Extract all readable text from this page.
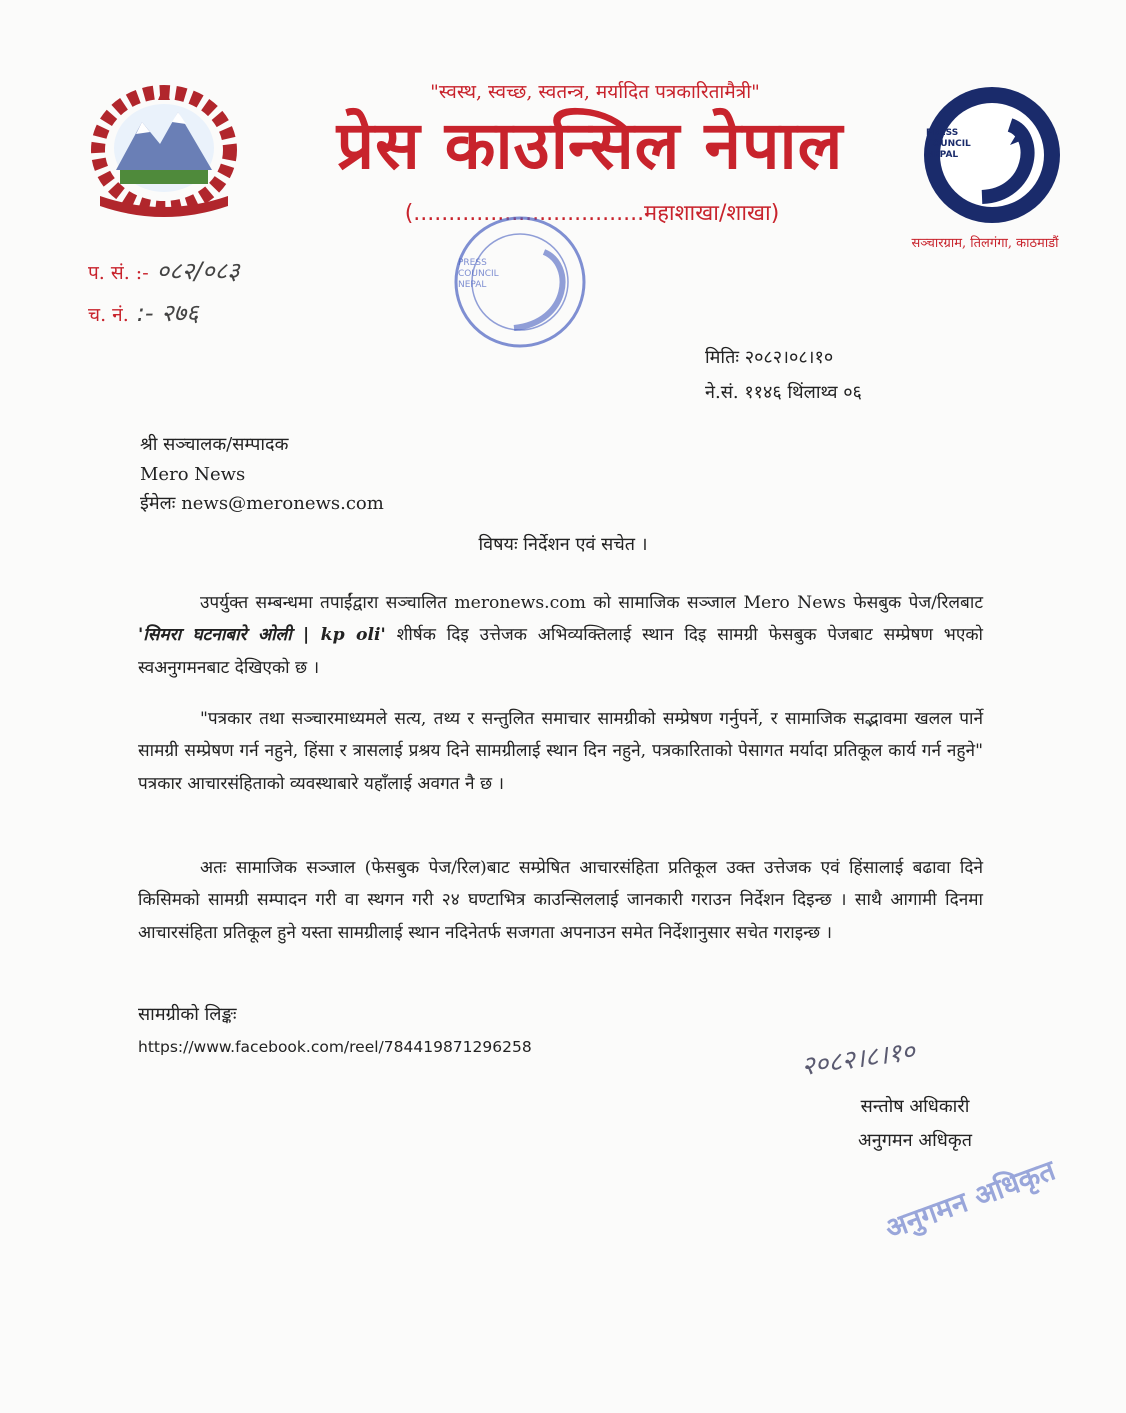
"स्वस्थ, स्वच्छ, स्वतन्त्र, मर्यादित पत्रकारितामैत्री"
प्रेस काउन्सिल नेपाल
(.................................महाशाखा/शाखा)
PRESS COUNCIL NEPAL
सञ्चारग्राम, तिलगंगा, काठमाडौं
प. सं. :- ०८२/०८३
च. नं. :- २७६
PRESS COUNCIL NEPAL
मितिः २०८२।०८।१०
ने.सं. ११४६ थिंलाथ्व ०६
श्री सञ्चालक/सम्पादक
Mero News
ईमेलः news@meronews.com
विषयः निर्देशन एवं सचेत ।
उपर्युक्त सम्बन्धमा तपाईंद्वारा सञ्चालित meronews.com को सामाजिक सञ्जाल Mero News फेसबुक पेज/रिलबाट 'सिमरा घटनाबारे ओली | kp oli' शीर्षक दिइ उत्तेजक अभिव्यक्तिलाई स्थान दिइ सामग्री फेसबुक पेजबाट सम्प्रेषण भएको स्वअनुगमनबाट देखिएको छ ।
"पत्रकार तथा सञ्चारमाध्यमले सत्य, तथ्य र सन्तुलित समाचार सामग्रीको सम्प्रेषण गर्नुपर्ने, र सामाजिक सद्भावमा खलल पार्ने सामग्री सम्प्रेषण गर्न नहुने, हिंसा र त्रासलाई प्रश्रय दिने सामग्रीलाई स्थान दिन नहुने, पत्रकारिताको पेसागत मर्यादा प्रतिकूल कार्य गर्न नहुने" पत्रकार आचारसंहिताको व्यवस्थाबारे यहाँलाई अवगत नै छ ।
अतः सामाजिक सञ्जाल (फेसबुक पेज/रिल)बाट सम्प्रेषित आचारसंहिता प्रतिकूल उक्त उत्तेजक एवं हिंसालाई बढावा दिने किसिमको सामग्री सम्पादन गरी वा स्थगन गरी २४ घण्टाभित्र काउन्सिललाई जानकारी गराउन निर्देशन दिइन्छ । साथै आगामी दिनमा आचारसंहिता प्रतिकूल हुने यस्ता सामग्रीलाई स्थान नदिनेतर्फ सजगता अपनाउन समेत निर्देशानुसार सचेत गराइन्छ ।
सामग्रीको लिङ्कः
https://www.facebook.com/reel/784419871296258	२०८२।८।१०
सन्तोष अधिकारी
अनुगमन अधिकृत
अनुगमन अधिकृत
